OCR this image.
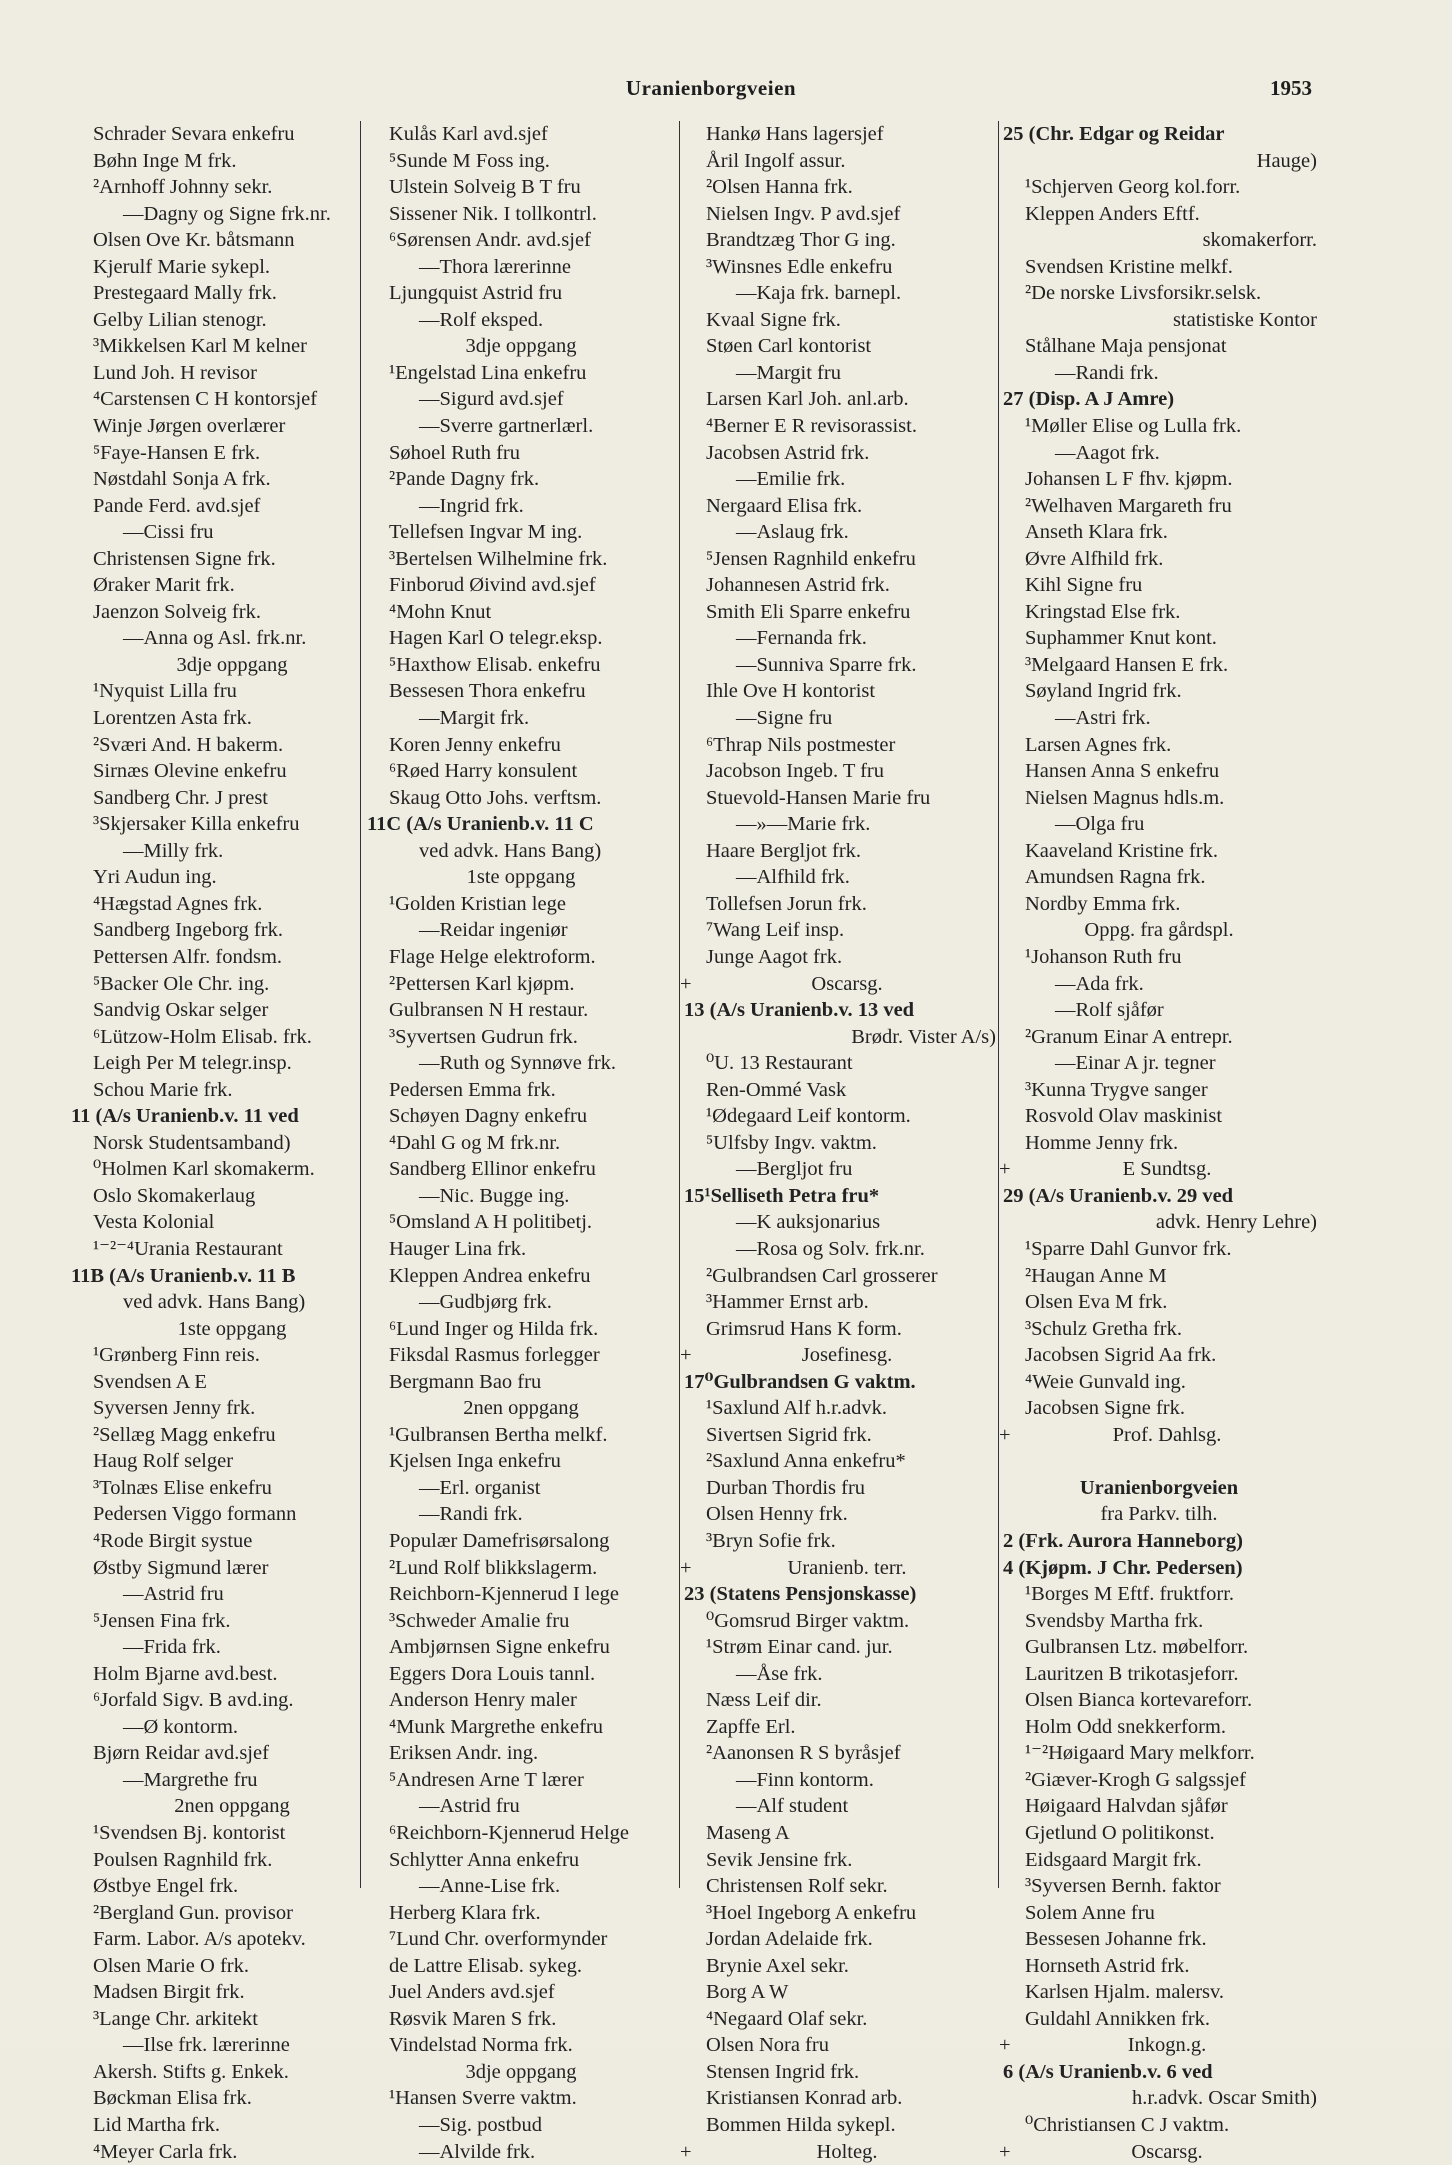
Uranienborgveien	1953
Schrader Sevara enkefru
Bøhn Inge M frk.
²Arnhoff Johnny sekr.
—Dagny og Signe frk.nr.
Olsen Ove Kr. båtsmann
Kjerulf Marie sykepl.
Prestegaard Mally frk.
Gelby Lilian stenogr.
³Mikkelsen Karl M kelner
Lund Joh. H revisor
⁴Carstensen C H kontorsjef
Winje Jørgen overlærer
⁵Faye-Hansen E frk.
Nøstdahl Sonja A frk.
Pande Ferd. avd.sjef
—Cissi fru
Christensen Signe frk.
Øraker Marit frk.
Jaenzon Solveig frk.
—Anna og Asl. frk.nr.
3dje oppgang
¹Nyquist Lilla fru
Lorentzen Asta frk.
²Sværi And. H bakerm.
Sirnæs Olevine enkefru
Sandberg Chr. J prest
³Skjersaker Killa enkefru
—Milly frk.
Yri Audun ing.
⁴Hægstad Agnes frk.
Sandberg Ingeborg frk.
Pettersen Alfr. fondsm.
⁵Backer Ole Chr. ing.
Sandvig Oskar selger
⁶Lützow-Holm Elisab. frk.
Leigh Per M telegr.insp.
Schou Marie frk.
11 (A/s Uranienb.v. 11 ved
Norsk Studentsamband)
⁰Holmen Karl skomakerm.
Oslo Skomakerlaug
Vesta Kolonial
¹⁻²⁻⁴Urania Restaurant
11B (A/s Uranienb.v. 11 B
ved advk. Hans Bang)
1ste oppgang
¹Grønberg Finn reis.
Svendsen A E
Syversen Jenny frk.
²Sellæg Magg enkefru
Haug Rolf selger
³Tolnæs Elise enkefru
Pedersen Viggo formann
⁴Rode Birgit systue
Østby Sigmund lærer
—Astrid fru
⁵Jensen Fina frk.
—Frida frk.
Holm Bjarne avd.best.
⁶Jorfald Sigv. B avd.ing.
—Ø kontorm.
Bjørn Reidar avd.sjef
—Margrethe fru
2nen oppgang
¹Svendsen Bj. kontorist
Poulsen Ragnhild frk.
Østbye Engel frk.
²Bergland Gun. provisor
Farm. Labor. A/s apotekv.
Olsen Marie O frk.
Madsen Birgit frk.
³Lange Chr. arkitekt
—Ilse frk. lærerinne
Akersh. Stifts g. Enkek.
Bøckman Elisa frk.
Lid Martha frk.
⁴Meyer Carla frk.
Kulås Karl avd.sjef
⁵Sunde M Foss ing.
Ulstein Solveig B T fru
Sissener Nik. I tollkontrl.
⁶Sørensen Andr. avd.sjef
—Thora lærerinne
Ljungquist Astrid fru
—Rolf eksped.
3dje oppgang
¹Engelstad Lina enkefru
—Sigurd avd.sjef
—Sverre gartnerlærl.
Søhoel Ruth fru
²Pande Dagny frk.
—Ingrid frk.
Tellefsen Ingvar M ing.
³Bertelsen Wilhelmine frk.
Finborud Øivind avd.sjef
⁴Mohn Knut
Hagen Karl O telegr.eksp.
⁵Haxthow Elisab. enkefru
Bessesen Thora enkefru
—Margit frk.
Koren Jenny enkefru
⁶Røed Harry konsulent
Skaug Otto Johs. verftsm.
11C (A/s Uranienb.v. 11 C
ved advk. Hans Bang)
1ste oppgang
¹Golden Kristian lege
—Reidar ingeniør
Flage Helge elektroform.
²Pettersen Karl kjøpm.
Gulbransen N H restaur.
³Syvertsen Gudrun frk.
—Ruth og Synnøve frk.
Pedersen Emma frk.
Schøyen Dagny enkefru
⁴Dahl G og M frk.nr.
Sandberg Ellinor enkefru
—Nic. Bugge ing.
⁵Omsland A H politibetj.
Hauger Lina frk.
Kleppen Andrea enkefru
—Gudbjørg frk.
⁶Lund Inger og Hilda frk.
Fiksdal Rasmus forlegger
Bergmann Bao fru
2nen oppgang
¹Gulbransen Bertha melkf.
Kjelsen Inga enkefru
—Erl. organist
—Randi frk.
Populær Damefrisørsalong
²Lund Rolf blikkslagerm.
Reichborn-Kjennerud I lege
³Schweder Amalie fru
Ambjørnsen Signe enkefru
Eggers Dora Louis tannl.
Anderson Henry maler
⁴Munk Margrethe enkefru
Eriksen Andr. ing.
⁵Andresen Arne T lærer
—Astrid fru
⁶Reichborn-Kjennerud Helge
Schlytter Anna enkefru
—Anne-Lise frk.
Herberg Klara frk.
⁷Lund Chr. overformynder
de Lattre Elisab. sykeg.
Juel Anders avd.sjef
Røsvik Maren S frk.
Vindelstad Norma frk.
3dje oppgang
¹Hansen Sverre vaktm.
—Sig. postbud
—Alvilde frk.
Hankø Hans lagersjef
Åril Ingolf assur.
²Olsen Hanna frk.
Nielsen Ingv. P avd.sjef
Brandtzæg Thor G ing.
³Winsnes Edle enkefru
—Kaja frk. barnepl.
Kvaal Signe frk.
Støen Carl kontorist
—Margit fru
Larsen Karl Joh. anl.arb.
⁴Berner E R revisorassist.
Jacobsen Astrid frk.
—Emilie frk.
Nergaard Elisa frk.
—Aslaug frk.
⁵Jensen Ragnhild enkefru
Johannesen Astrid frk.
Smith Eli Sparre enkefru
—Fernanda frk.
—Sunniva Sparre frk.
Ihle Ove H kontorist
—Signe fru
⁶Thrap Nils postmester
Jacobson Ingeb. T fru
Stuevold-Hansen Marie fru
—»—Marie frk.
Haare Bergljot frk.
—Alfhild frk.
Tollefsen Jorun frk.
⁷Wang Leif insp.
Junge Aagot frk.
+	Oscarsg.
13 (A/s Uranienb.v. 13 ved
Brødr. Vister A/s)
⁰U. 13 Restaurant
Ren-Ommé Vask
¹Ødegaard Leif kontorm.
⁵Ulfsby Ingv. vaktm.
—Bergljot fru
15¹Selliseth Petra fru*
—K auksjonarius
—Rosa og Solv. frk.nr.
²Gulbrandsen Carl grosserer
³Hammer Ernst arb.
Grimsrud Hans K form.
+	Josefinesg.
17⁰Gulbrandsen G vaktm.
¹Saxlund Alf h.r.advk.
Sivertsen Sigrid frk.
²Saxlund Anna enkefru*
Durban Thordis fru
Olsen Henny frk.
³Bryn Sofie frk.
+	Uranienb. terr.
23 (Statens Pensjonskasse)
⁰Gomsrud Birger vaktm.
¹Strøm Einar cand. jur.
—Åse frk.
Næss Leif dir.
Zapffe Erl.
²Aanonsen R S byråsjef
—Finn kontorm.
—Alf student
Maseng A
Sevik Jensine frk.
Christensen Rolf sekr.
³Hoel Ingeborg A enkefru
Jordan Adelaide frk.
Brynie Axel sekr.
Borg A W
⁴Negaard Olaf sekr.
Olsen Nora fru
Stensen Ingrid frk.
Kristiansen Konrad arb.
Bommen Hilda sykepl.
+	Holteg.
25 (Chr. Edgar og Reidar
Hauge)
¹Schjerven Georg kol.forr.
Kleppen Anders Eftf.
skomakerforr.
Svendsen Kristine melkf.
²De norske Livsforsikr.selsk.
statistiske Kontor
Stålhane Maja pensjonat
—Randi frk.
27 (Disp. A J Amre)
¹Møller Elise og Lulla frk.
—Aagot frk.
Johansen L F fhv. kjøpm.
²Welhaven Margareth fru
Anseth Klara frk.
Øvre Alfhild frk.
Kihl Signe fru
Kringstad Else frk.
Suphammer Knut kont.
³Melgaard Hansen E frk.
Søyland Ingrid frk.
—Astri frk.
Larsen Agnes frk.
Hansen Anna S enkefru
Nielsen Magnus hdls.m.
—Olga fru
Kaaveland Kristine frk.
Amundsen Ragna frk.
Nordby Emma frk.
Oppg. fra gårdspl.
¹Johanson Ruth fru
—Ada frk.
—Rolf sjåfør
²Granum Einar A entrepr.
—Einar A jr. tegner
³Kunna Trygve sanger
Rosvold Olav maskinist
Homme Jenny frk.
+	E Sundtsg.
29 (A/s Uranienb.v. 29 ved
advk. Henry Lehre)
¹Sparre Dahl Gunvor frk.
²Haugan Anne M
Olsen Eva M frk.
³Schulz Gretha frk.
Jacobsen Sigrid Aa frk.
⁴Weie Gunvald ing.
Jacobsen Signe frk.
+	Prof. Dahlsg.
Uranienborgveien
fra Parkv. tilh.
2 (Frk. Aurora Hanneborg)
4 (Kjøpm. J Chr. Pedersen)
¹Borges M Eftf. fruktforr.
Svendsby Martha frk.
Gulbransen Ltz. møbelforr.
Lauritzen B trikotasjeforr.
Olsen Bianca kortevareforr.
Holm Odd snekkerform.
¹⁻²Høigaard Mary melkforr.
²Giæver-Krogh G salgssjef
Høigaard Halvdan sjåfør
Gjetlund O politikonst.
Eidsgaard Margit frk.
³Syversen Bernh. faktor
Solem Anne fru
Bessesen Johanne frk.
Hornseth Astrid frk.
Karlsen Hjalm. malersv.
Guldahl Annikken frk.
+	Inkogn.g.
6 (A/s Uranienb.v. 6 ved
h.r.advk. Oscar Smith)
⁰Christiansen C J vaktm.
+	Oscarsg.
